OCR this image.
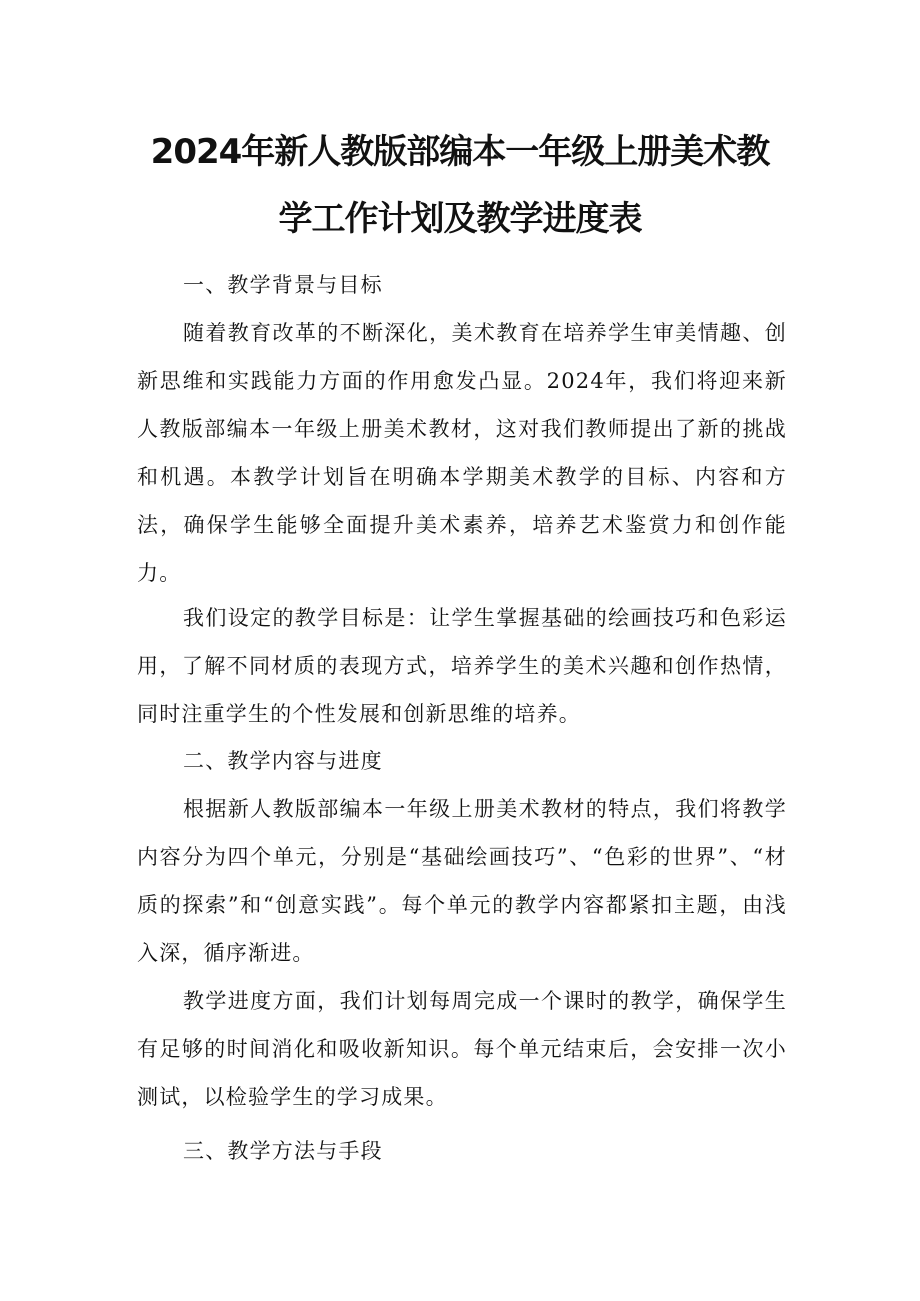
2024年新人教版部编本一年级上册美术教
学工作计划及教学进度表

一、教学背景与目标

随着教育改革的不断深化，美术教育在培养学生审美情趣、创新思维和实践能力方面的作用愈发凸显。2024年，我们将迎来新人教版部编本一年级上册美术教材，这对我们教师提出了新的挑战和机遇。本教学计划旨在明确本学期美术教学的目标、内容和方法，确保学生能够全面提升美术素养，培养艺术鉴赏力和创作能力。

我们设定的教学目标是：让学生掌握基础的绘画技巧和色彩运用，了解不同材质的表现方式，培养学生的美术兴趣和创作热情，同时注重学生的个性发展和创新思维的培养。

二、教学内容与进度

根据新人教版部编本一年级上册美术教材的特点，我们将教学内容分为四个单元，分别是“基础绘画技巧”、“色彩的世界”、“材质的探索”和“创意实践”。每个单元的教学内容都紧扣主题，由浅入深，循序渐进。

教学进度方面，我们计划每周完成一个课时的教学，确保学生有足够的时间消化和吸收新知识。每个单元结束后，会安排一次小测试，以检验学生的学习成果。

三、教学方法与手段
